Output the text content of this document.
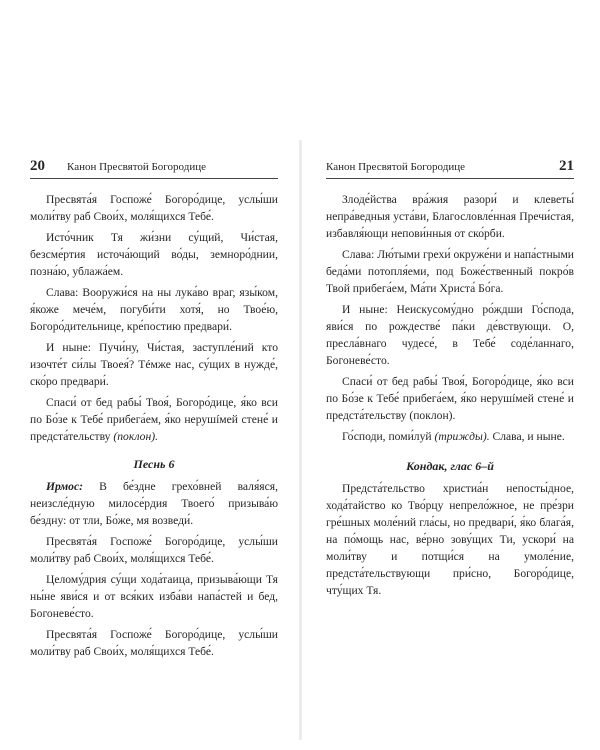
20 Канон Пресвятой Богородице

Пресвята́я Госпоже́ Богоро́дице, услы́ши моли́тву раб Свои́х, моля́щихся Тебе́.

Исто́чник Тя жи́зни су́щий, Чи́стая, безсме́ртия источа́ющий во́ды, земноро́днии, позна́ю, ублажа́ем.

Слава: Вооружи́ся на ны лука́во враг, язы́ком, я́коже мече́м, погуби́ти хотя́, но Твое́ю, Богоро́дительнице, кре́постию предвари́.

И ныне: Пучи́ну, Чи́стая, заступле́ний кто изочте́т си́лы Твоея́? Тéмже нас, су́щих в нужде́, ско́ро предвари́.

Спаси́ от бед рабы́ Твоя́, Богоро́дице, я́ко вси по Бо́зе к Тебе́ прибега́ем, я́ко нерушíмей стене́ и предста́тельству (поклон).

Песнь 6

Ирмос: В бе́здне грехо́вней валя́яся, неизсле́дную милосе́рдия Твоего́ призыва́ю бе́здну: от тли, Бо́же, мя возведи́.

Пресвята́я Госпоже́ Богоро́дице, услы́ши моли́тву раб Свои́х, моля́щихся Тебе́.

Целому́дрия су́щи хода́таица, призыва́ющи Тя ны́не яви́ся и от вся́ких изба́ви напа́стей и бед, Богоневе́сто.

Пресвята́я Госпоже́ Богоро́дице, услы́ши моли́тву раб Свои́х, моля́щихся Тебе́.

Канон Пресвятой Богородице	21

Злоде́йства вра́жия разори́ и клеветы́ непра́ведныя уста́ви, Благословле́нная Пречи́стая, избавля́ющи непови́нныя от ско́рби.

Слава: Лю́тыми грехи́ окруже́ни и напа́стными беда́ми потопля́еми, под Боже́ственный покро́в Твой прибега́ем, Ма́ти Христа́ Бо́га.

И ныне: Неискусому́дно ро́ждши Го́спода, яви́ся по рождестве́ па́ки де́вствующи. О, пресла́внаго чудесе́, в Тебе́ соде́ланнаго, Богоневе́сто.

Спаси́ от бед рабы́ Твоя́, Богоро́дице, я́ко вси по Бо́зе к Тебе́ прибега́ем, я́ко нерушíмей стене́ и предста́тельству (поклон).

Го́споди, поми́луй (трижды). Слава, и ныне.

Кондак, глас 6–й

Предста́тельство христиа́н непосты́дное, хода́тайство ко Тво́рцу непрело́жное, не пре́зри гре́шных моле́ний гла́сы, но предвари́, я́ко блага́я, на по́мощь нас, ве́рно зову́щих Ти, ускори́ на моли́тву и потщи́ся на умоле́ние, предста́тельствующи при́сно, Богоро́дице, чту́щих Тя.
